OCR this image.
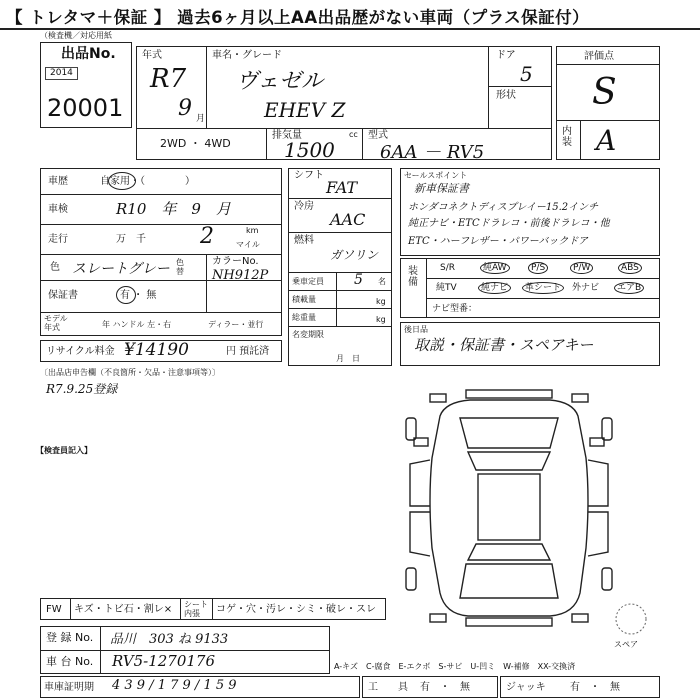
【 トレタマ＋保証 】 過去6ヶ月以上AA出品歴がない車両（プラス保証付）
（検査機／対応用紙
出品No.
2014
20001
年式
R7
9 月
車名・グレード
ヴェゼル
EHEV Z
ドア
5
形状
2WD ・ 4WD
排気量
1500
cc 型式
6AA － RV5
評価点
S
内装 A
車歴	自家用・（　　　　）
車検	R10　年　9　月
走行	万　千 2	km
マイル
色 スレートグレー 色替
カラーNo.
NH912P
保証書	有 ・ 無
モデル年式	年 ハンドル 左・右	ディラー・並行
リサイクル料金 ¥14190	円 預託済
シフト
FAT
冷房
AAC
燃料
ガソリン
乗車定員 5 名
積載量	kg
総重量	kg
名変期限
月　日
セールスポイント
新車保証書
ホンダコネクトディスプレイー15.2インチ
純正ナビ・ETCドラレコ・前後ドラレコ・他
ETC・ハーフレザー・パワーバックドア
装備
S/R	純AW	P/S	P/W	ABS
純TV	純ナビ	革シート	外ナビ	エアB
ナビ型番：
後日品
取説・保証書・スペアキー
〔出品店申告欄（不良箇所・欠品・注意事項等）〕
R7.9.25登録
【検査員記入】
スペア
FW キズ・トビ石・割レ× シート内張	コゲ・穴・汚レ・シミ・破レ・スレ
登 録 No. 品川　303 ね 9133
車 台 No. RV5-1270176	A-キズ　C-腐食　E-エクボ　S-サビ　U-凹ミ　W-補修　XX-交換済
車庫証明期 4 3 9 / 1 7 9 / 1 5 9	工　　具 有　・　無	ジャッキ 有　・　無
